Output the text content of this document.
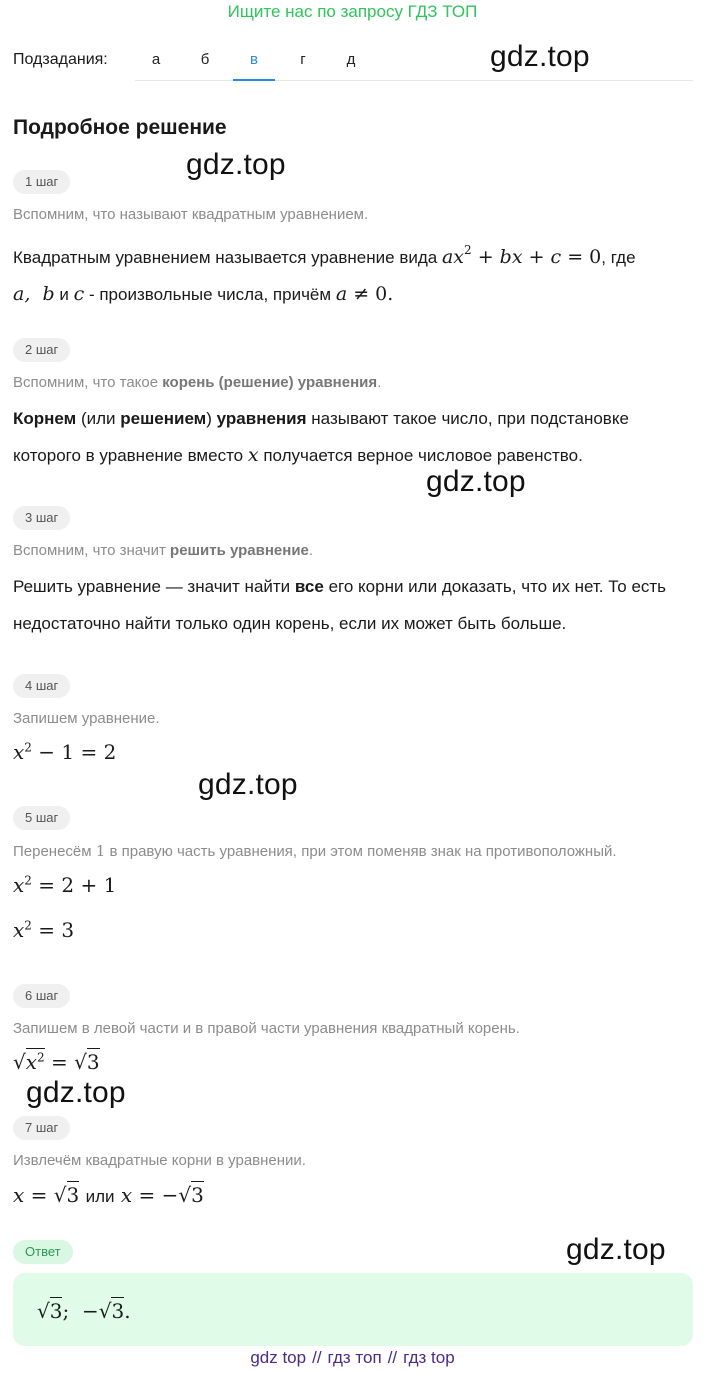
Ищите нас по запросу ГДЗ ТОП
Подзадания:	а	б	в	г	д	gdz.top
gdz.top
gdz.top
gdz.top
gdz.top
gdz.top
Подробное решение
1 шаг
Вспомним, что называют квадратным уравнением.
Квадратным уравнением называется уравнение вида $ax^2$ + bx + c = 0, где
a,  b и c - произвольные числа, причём a ≠ 0.
2 шаг
Вспомним, что такое корень (решение) уравнения.
Корнем (или решением) уравнения называют такое число, при подстановке которого в уравнение вместо x получается верное числовое равенство.
3 шаг
Вспомним, что значит решить уравнение.
Решить уравнение — значит найти все его корни или доказать, что их нет. То есть недостаточно найти только один корень, если их может быть больше.
4 шаг
Запишем уравнение.
$x^2 - 1 = 2$
5 шаг
Перенесём 1 в правую часть уравнения, при этом поменяв знак на противоположный.
$x^2 = 2 + 1$
$x^2 = 3$
6 шаг
Запишем в левой части и в правой части уравнения квадратный корень.
$√x^2 = √3$
7 шаг
Извлечём квадратные корни в уравнении.
x = √3 или x = −√3
Ответ
√3;  −√3.
gdz top // гдз топ // гдз top
